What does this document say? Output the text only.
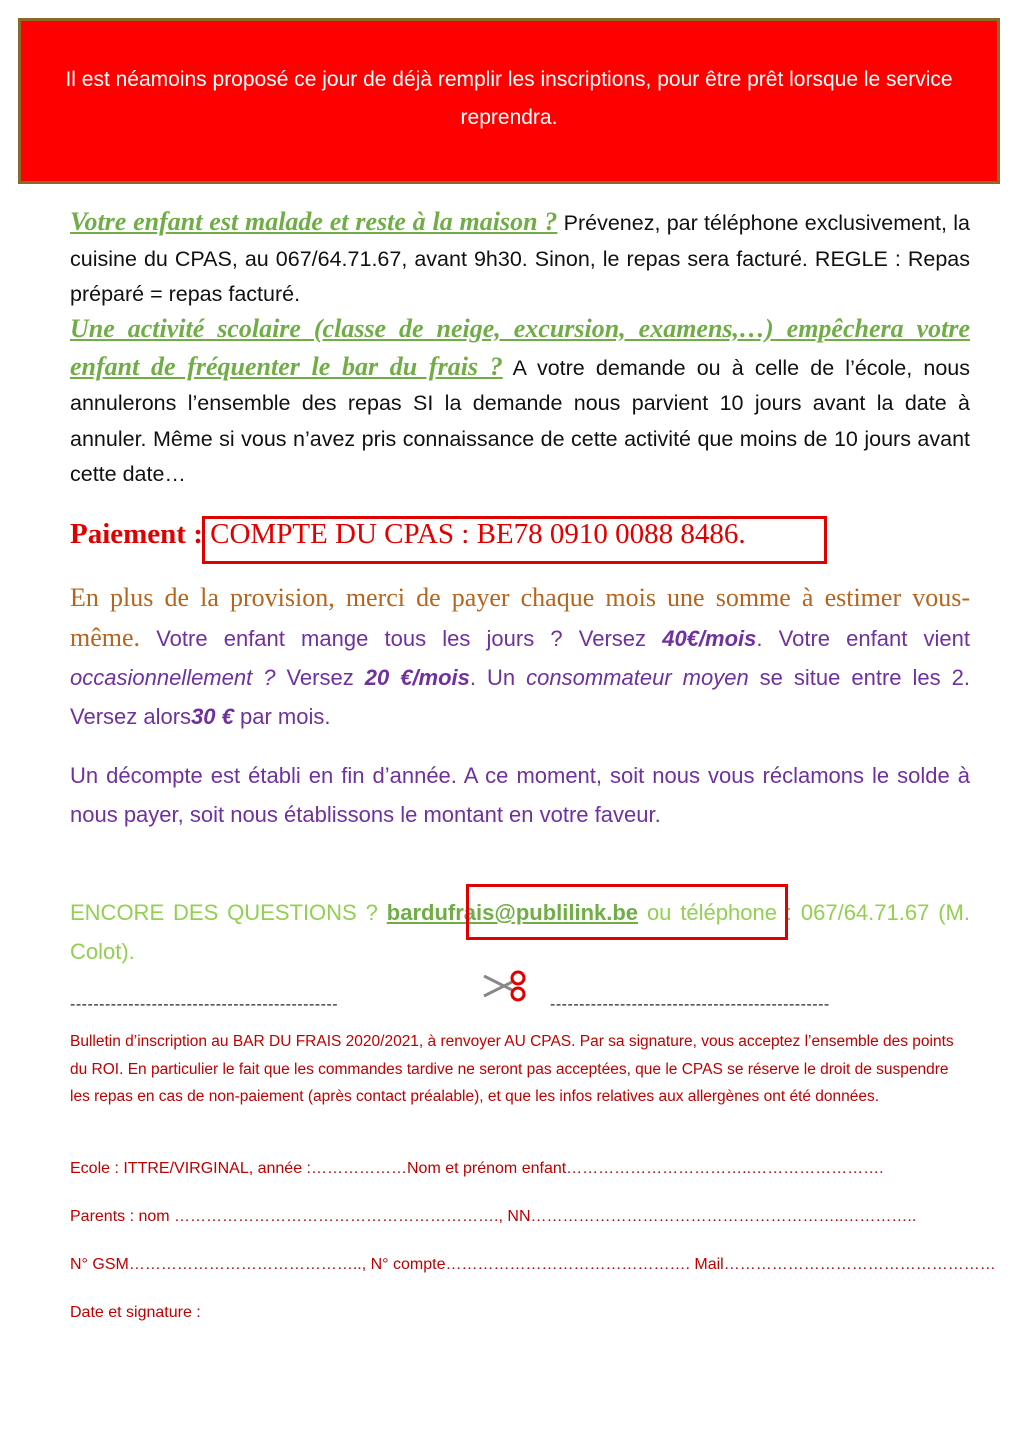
Il est néamoins proposé ce jour de déjà remplir les inscriptions, pour être prêt lorsque le service reprendra.
Votre enfant est malade et reste à la maison ? Prévenez, par téléphone exclusivement, la cuisine du CPAS, au 067/64.71.67, avant 9h30. Sinon, le repas sera facturé. REGLE : Repas préparé = repas facturé.
Une activité scolaire (classe de neige, excursion, examens,…) empêchera votre enfant de fréquenter le bar du frais ? A votre demande ou à celle de l’école, nous annulerons l’ensemble des repas SI la demande nous parvient 10 jours avant la date à annuler. Même si vous n’avez pris connaissance de cette activité que moins de 10 jours avant cette date…
Paiement : COMPTE DU CPAS : BE78 0910 0088 8486.
En plus de la provision, merci de payer chaque mois une somme à estimer vous-même. Votre enfant mange tous les jours ? Versez 40€/mois. Votre enfant vient occasionnellement ? Versez 20 €/mois. Un consommateur moyen se situe entre les 2. Versez alors30 € par mois.
Un décompte est établi en fin d’année. A ce moment, soit nous vous réclamons le solde à nous payer, soit nous établissons le montant en votre faveur.
ENCORE DES QUESTIONS ? bardufrais@publilink.be ou téléphone : 067/64.71.67 (M. Colot).
----------------------------------------------	------------------------------------------------
Bulletin d’inscription au BAR DU FRAIS 2020/2021, à renvoyer AU CPAS. Par sa signature, vous acceptez l’ensemble des points du ROI. En particulier le fait que les commandes tardive ne seront pas acceptées, que le CPAS se réserve le droit de suspendre les repas en cas de non-paiement (après contact préalable), et que les infos relatives aux allergènes ont été données.
Ecole : ITTRE/VIRGINAL, année :………………Nom et prénom enfant……………………………..…………………….
Parents : nom ……………………………………………………., NN…………………………………………………..…………..
N° GSM…………………………………….., N° compte………………………………………. Mail……………………………………………
Date et signature :
